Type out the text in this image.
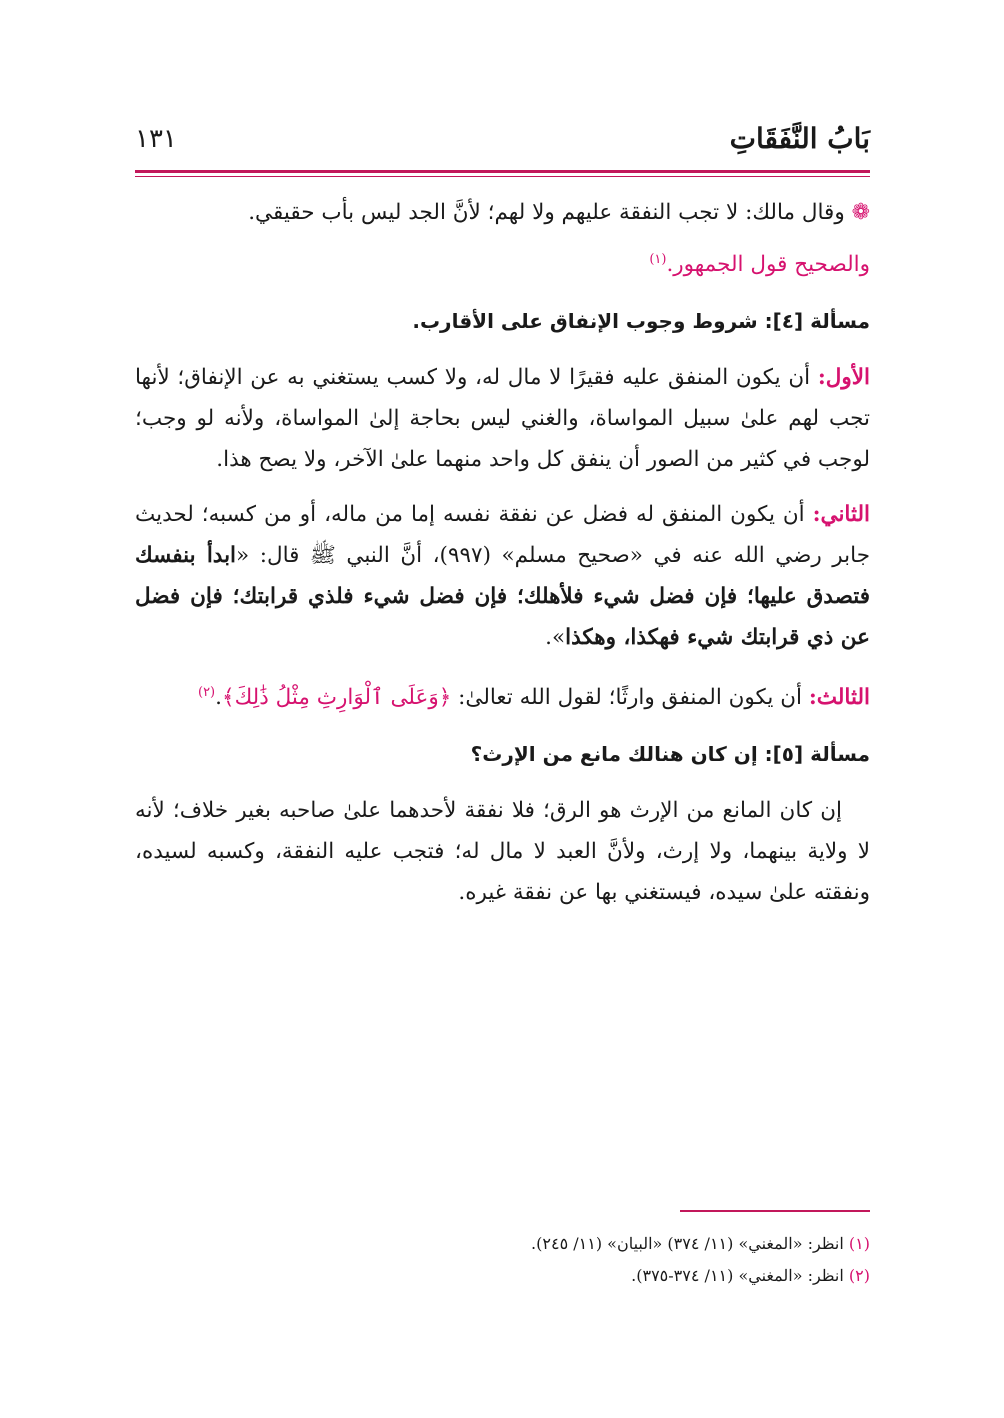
بَابُ النَّفَقَاتِ
١٣١

❁ وقال مالك: لا تجب النفقة عليهم ولا لهم؛ لأنَّ الجد ليس بأب حقيقي.

والصحيح قول الجمهور.$^{(١)}$

مسألة [٤]: شروط وجوب الإنفاق على الأقارب.

الأول: أن يكون المنفق عليه فقيرًا لا مال له، ولا كسب يستغني به عن الإنفاق؛ لأنها تجب لهم علىٰ سبيل المواساة، والغني ليس بحاجة إلىٰ المواساة، ولأنه لو وجب؛ لوجب في كثير من الصور أن ينفق كل واحد منهما علىٰ الآخر، ولا يصح هذا.

الثاني: أن يكون المنفق له فضل عن نفقة نفسه إما من ماله، أو من كسبه؛ لحديث جابر رضي الله عنه في «صحيح مسلم» (٩٩٧)، أنَّ النبي ﷺ قال: «ابدأ بنفسك فتصدق عليها؛ فإن فضل شيء فلأهلك؛ فإن فضل شيء فلذي قرابتك؛ فإن فضل عن ذي قرابتك شيء فهكذا، وهكذا».

الثالث: أن يكون المنفق وارثًا؛ لقول الله تعالىٰ: ﴿وَعَلَى ٱلْوَارِثِ مِثْلُ ذَٰلِكَ﴾.$^{(٢)}$

مسألة [٥]: إن كان هنالك مانع من الإرث؟

إن كان المانع من الإرث هو الرق؛ فلا نفقة لأحدهما علىٰ صاحبه بغير خلاف؛ لأنه لا ولاية بينهما، ولا إرث، ولأنَّ العبد لا مال له؛ فتجب عليه النفقة، وكسبه لسيده، ونفقته علىٰ سيده، فيستغني بها عن نفقة غيره.

(١) انظر: «المغني» (١١/ ٣٧٤) «البيان» (١١/ ٢٤٥).
(٢) انظر: «المغني» (١١/ ٣٧٤-٣٧٥).
